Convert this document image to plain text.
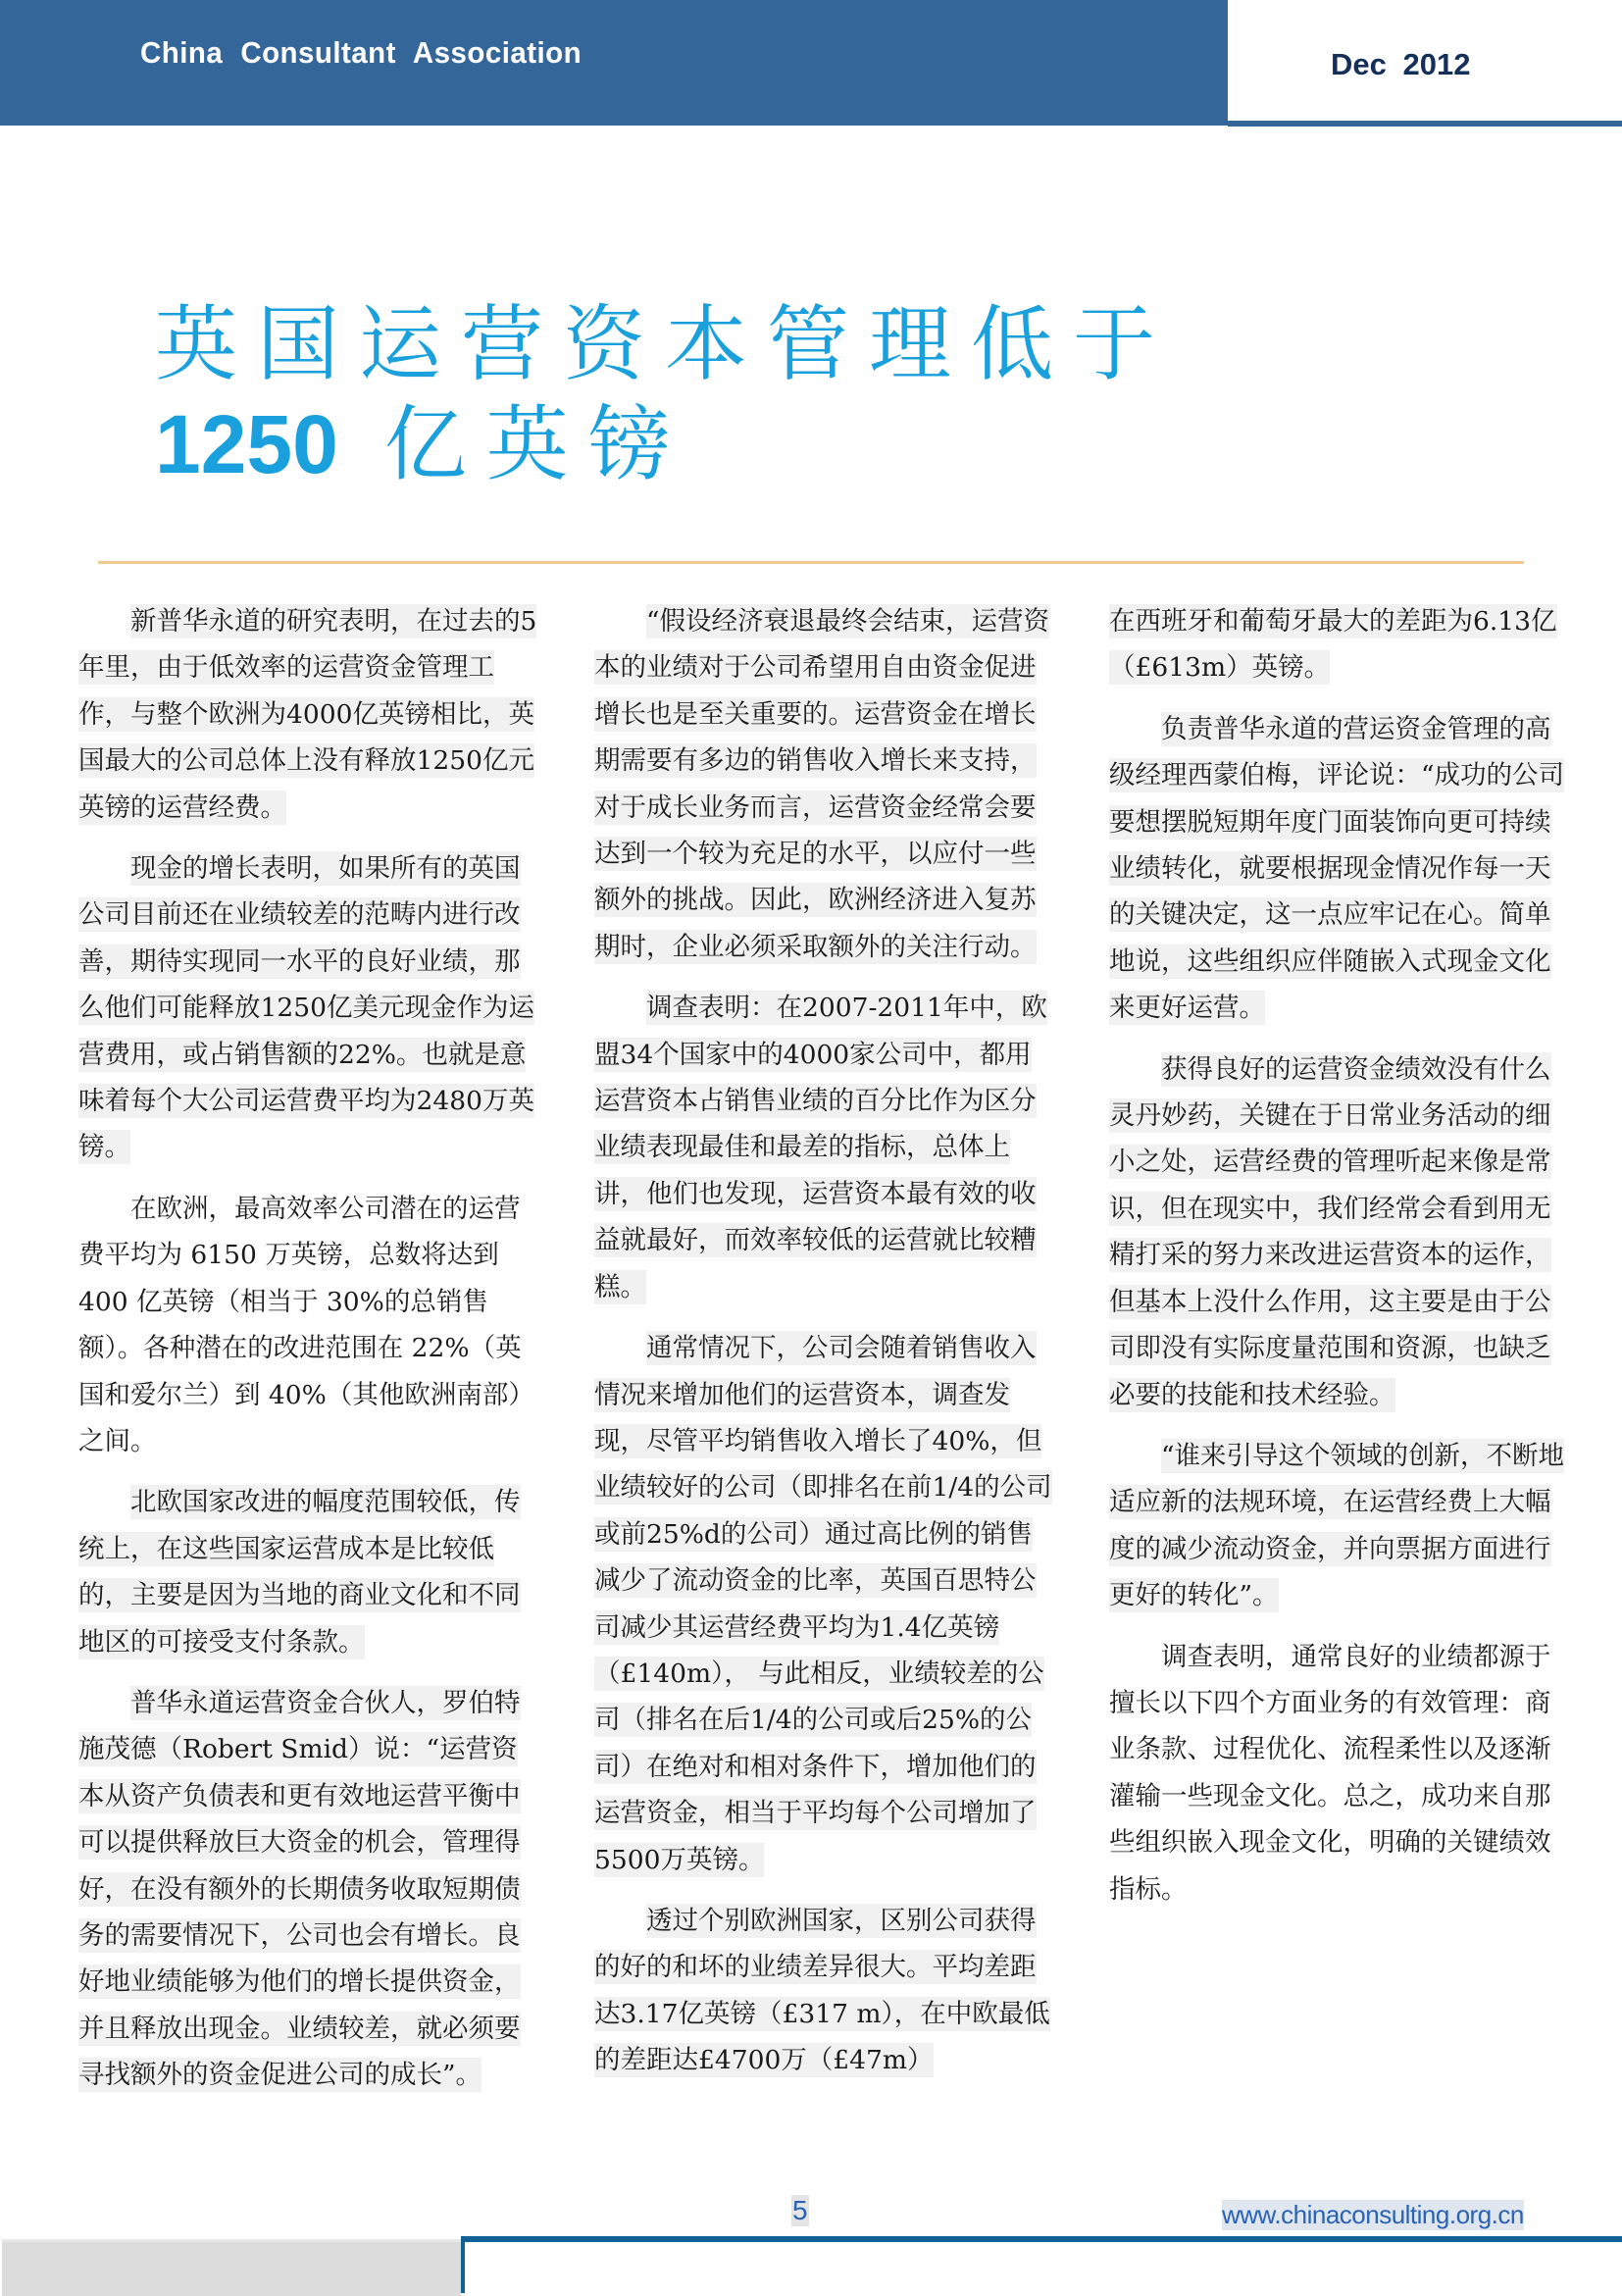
China Consultant Association	Dec 2012
英国运营资本管理低于
1250 亿英镑

新普华永道的研究表明，在过去的5年里，由于低效率的运营资金管理工作，与整个欧洲为4000亿英镑相比，英国最大的公司总体上没有释放1250亿元英镑的运营经费。

现金的增长表明，如果所有的英国公司目前还在业绩较差的范畴内进行改善，期待实现同一水平的良好业绩，那么他们可能释放1250亿美元现金作为运营费用，或占销售额的22%。也就是意味着每个大公司运营费平均为2480万英镑。

在欧洲，最高效率公司潜在的运营费平均为 6150 万英镑，总数将达到 400 亿英镑（相当于 30%的总销售额）。各种潜在的改进范围在 22%（英国和爱尔兰）到 40%（其他欧洲南部）之间。

北欧国家改进的幅度范围较低，传统上，在这些国家运营成本是比较低的，主要是因为当地的商业文化和不同地区的可接受支付条款。

普华永道运营资金合伙人，罗伯特施茂德（Robert Smid）说：“运营资本从资产负债表和更有效地运营平衡中可以提供释放巨大资金的机会，管理得好，在没有额外的长期债务收取短期债务的需要情况下，公司也会有增长。良好地业绩能够为他们的增长提供资金，并且释放出现金。业绩较差，就必须要寻找额外的资金促进公司的成长”。

“假设经济衰退最终会结束，运营资本的业绩对于公司希望用自由资金促进增长也是至关重要的。运营资金在增长期需要有多边的销售收入增长来支持，对于成长业务而言，运营资金经常会要达到一个较为充足的水平，以应付一些额外的挑战。因此，欧洲经济进入复苏期时，企业必须采取额外的关注行动。

调查表明：在2007-2011年中，欧盟34个国家中的4000家公司中，都用运营资本占销售业绩的百分比作为区分业绩表现最佳和最差的指标，总体上讲，他们也发现，运营资本最有效的收益就最好，而效率较低的运营就比较糟糕。

通常情况下，公司会随着销售收入情况来增加他们的运营资本，调查发现，尽管平均销售收入增长了40%，但业绩较好的公司（即排名在前1/4的公司或前25%d的公司）通过高比例的销售减少了流动资金的比率，英国百思特公司减少其运营经费平均为1.4亿英镑（£140m）， 与此相反，业绩较差的公司（排名在后1/4的公司或后25%的公司）在绝对和相对条件下，增加他们的运营资金，相当于平均每个公司增加了5500万英镑。

透过个别欧洲国家，区别公司获得的好的和坏的业绩差异很大。平均差距达3.17亿英镑（£317 m），在中欧最低的差距达£4700万（£47m）

在西班牙和葡萄牙最大的差距为6.13亿（£613m）英镑。

负责普华永道的营运资金管理的高级经理西蒙伯梅，评论说：“成功的公司要想摆脱短期年度门面装饰向更可持续业绩转化，就要根据现金情况作每一天的关键决定，这一点应牢记在心。简单地说，这些组织应伴随嵌入式现金文化来更好运营。

获得良好的运营资金绩效没有什么灵丹妙药，关键在于日常业务活动的细小之处，运营经费的管理听起来像是常识，但在现实中，我们经常会看到用无精打采的努力来改进运营资本的运作，但基本上没什么作用，这主要是由于公司即没有实际度量范围和资源，也缺乏必要的技能和技术经验。

“谁来引导这个领域的创新，不断地适应新的法规环境，在运营经费上大幅度的减少流动资金，并向票据方面进行更好的转化”。

调查表明，通常良好的业绩都源于擅长以下四个方面业务的有效管理：商业条款、过程优化、流程柔性以及逐渐灌输一些现金文化。总之，成功来自那些组织嵌入现金文化，明确的关键绩效指标。

5	www.chinaconsulting.org.cn
